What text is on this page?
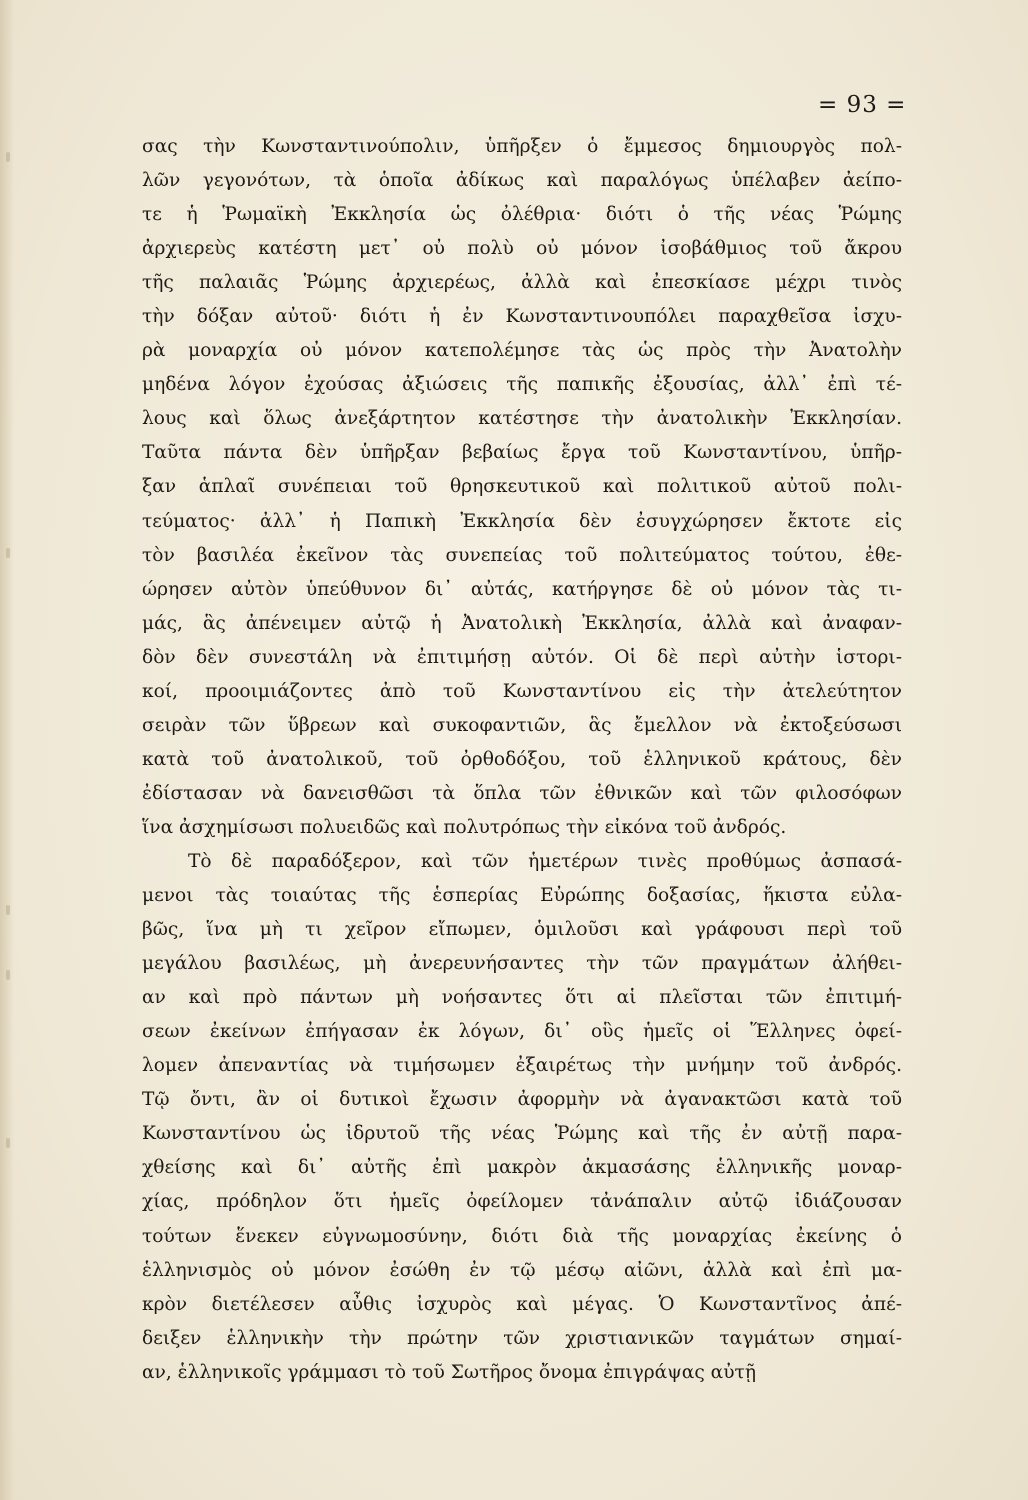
= 93 =
σας τὴν Κωνσταντινούπολιν, ὑπῆρξεν ὁ ἔμμεσος δημιουργὸς πολ-
λῶν γεγονότων, τὰ ὁποῖα ἀδίκως καὶ παραλόγως ὑπέλαβεν ἀείπο-
τε ἡ Ῥωμαϊκὴ Ἐκκλησία ὡς ὀλέθρια· διότι ὁ τῆς νέας Ῥώμης
ἀρχιερεὺς κατέστη μετ᾽ οὐ πολὺ οὐ μόνον ἰσοβάθμιος τοῦ ἄκρου
τῆς παλαιᾶς Ῥώμης ἀρχιερέως, ἀλλὰ καὶ ἐπεσκίασε μέχρι τινὸς
τὴν δόξαν αὐτοῦ· διότι ἡ ἐν Κωνσταντινουπόλει παραχθεῖσα ἰσχυ-
ρὰ μοναρχία οὐ μόνον κατεπολέμησε τὰς ὡς πρὸς τὴν Ἀνατολὴν
μηδένα λόγον ἐχούσας ἀξιώσεις τῆς παπικῆς ἐξουσίας, ἀλλ᾽ ἐπὶ τέ-
λους καὶ ὅλως ἀνεξάρτητον κατέστησε τὴν ἀνατολικὴν Ἐκκλησίαν.
Ταῦτα πάντα δὲν ὑπῆρξαν βεβαίως ἔργα τοῦ Κωνσταντίνου, ὑπῆρ-
ξαν ἁπλαῖ συνέπειαι τοῦ θρησκευτικοῦ καὶ πολιτικοῦ αὐτοῦ πολι-
τεύματος· ἀλλ᾽ ἡ Παπικὴ Ἐκκλησία δὲν ἐσυγχώρησεν ἔκτοτε εἰς
τὸν βασιλέα ἐκεῖνον τὰς συνεπείας τοῦ πολιτεύματος τούτου, ἐθε-
ώρησεν αὐτὸν ὑπεύθυνον δι᾽ αὐτάς, κατήργησε δὲ οὐ μόνον τὰς τι-
μάς, ἃς ἀπένειμεν αὐτῷ ἡ Ἀνατολικὴ Ἐκκλησία, ἀλλὰ καὶ ἀναφαν-
δὸν δὲν συνεστάλη νὰ ἐπιτιμήσῃ αὐτόν. Οἱ δὲ περὶ αὐτὴν ἱστορι-
κοί, προοιμιάζοντες ἀπὸ τοῦ Κωνσταντίνου εἰς τὴν ἀτελεύτητον
σειρὰν τῶν ὕβρεων καὶ συκοφαντιῶν, ἃς ἔμελλον νὰ ἐκτοξεύσωσι
κατὰ τοῦ ἀνατολικοῦ, τοῦ ὀρθοδόξου, τοῦ ἑλληνικοῦ κράτους, δὲν
ἐδίστασαν νὰ δανεισθῶσι τὰ ὅπλα τῶν ἐθνικῶν καὶ τῶν φιλοσόφων
ἵνα ἀσχημίσωσι πολυειδῶς καὶ πολυτρόπως τὴν εἰκόνα τοῦ ἀνδρός.
Τὸ δὲ παραδόξερον, καὶ τῶν ἡμετέρων τινὲς προθύμως ἀσπασά-
μενοι τὰς τοιαύτας τῆς ἑσπερίας Εὐρώπης δοξασίας, ἥκιστα εὐλα-
βῶς, ἵνα μὴ τι χεῖρον εἴπωμεν, ὁμιλοῦσι καὶ γράφουσι περὶ τοῦ
μεγάλου βασιλέως, μὴ ἀνερευνήσαντες τὴν τῶν πραγμάτων ἀλήθει-
αν καὶ πρὸ πάντων μὴ νοήσαντες ὅτι αἱ πλεῖσται τῶν ἐπιτιμή-
σεων ἐκείνων ἐπήγασαν ἐκ λόγων, δι᾽ οὓς ἡμεῖς οἱ Ἕλληνες ὀφεί-
λομεν ἀπεναντίας νὰ τιμήσωμεν ἐξαιρέτως τὴν μνήμην τοῦ ἀνδρός.
Τῷ ὄντι, ἂν οἱ δυτικοὶ ἔχωσιν ἀφορμὴν νὰ ἀγανακτῶσι κατὰ τοῦ
Κωνσταντίνου ὡς ἱδρυτοῦ τῆς νέας Ῥώμης καὶ τῆς ἐν αὐτῇ παρα-
χθείσης καὶ δι᾽ αὐτῆς ἐπὶ μακρὸν ἀκμασάσης ἑλληνικῆς μοναρ-
χίας, πρόδηλον ὅτι ἡμεῖς ὀφείλομεν τἀνάπαλιν αὐτῷ ἰδιάζουσαν
τούτων ἕνεκεν εὐγνωμοσύνην, διότι διὰ τῆς μοναρχίας ἐκείνης ὁ
ἑλληνισμὸς οὐ μόνον ἐσώθη ἐν τῷ μέσῳ αἰῶνι, ἀλλὰ καὶ ἐπὶ μα-
κρὸν διετέλεσεν αὖθις ἰσχυρὸς καὶ μέγας. Ὁ Κωνσταντῖνος ἀπέ-
δειξεν ἑλληνικὴν τὴν πρώτην τῶν χριστιανικῶν ταγμάτων σημαί-
αν, ἑλληνικοῖς γράμμασι τὸ τοῦ Σωτῆρος ὄνομα ἐπιγράψας αὐτῇ
